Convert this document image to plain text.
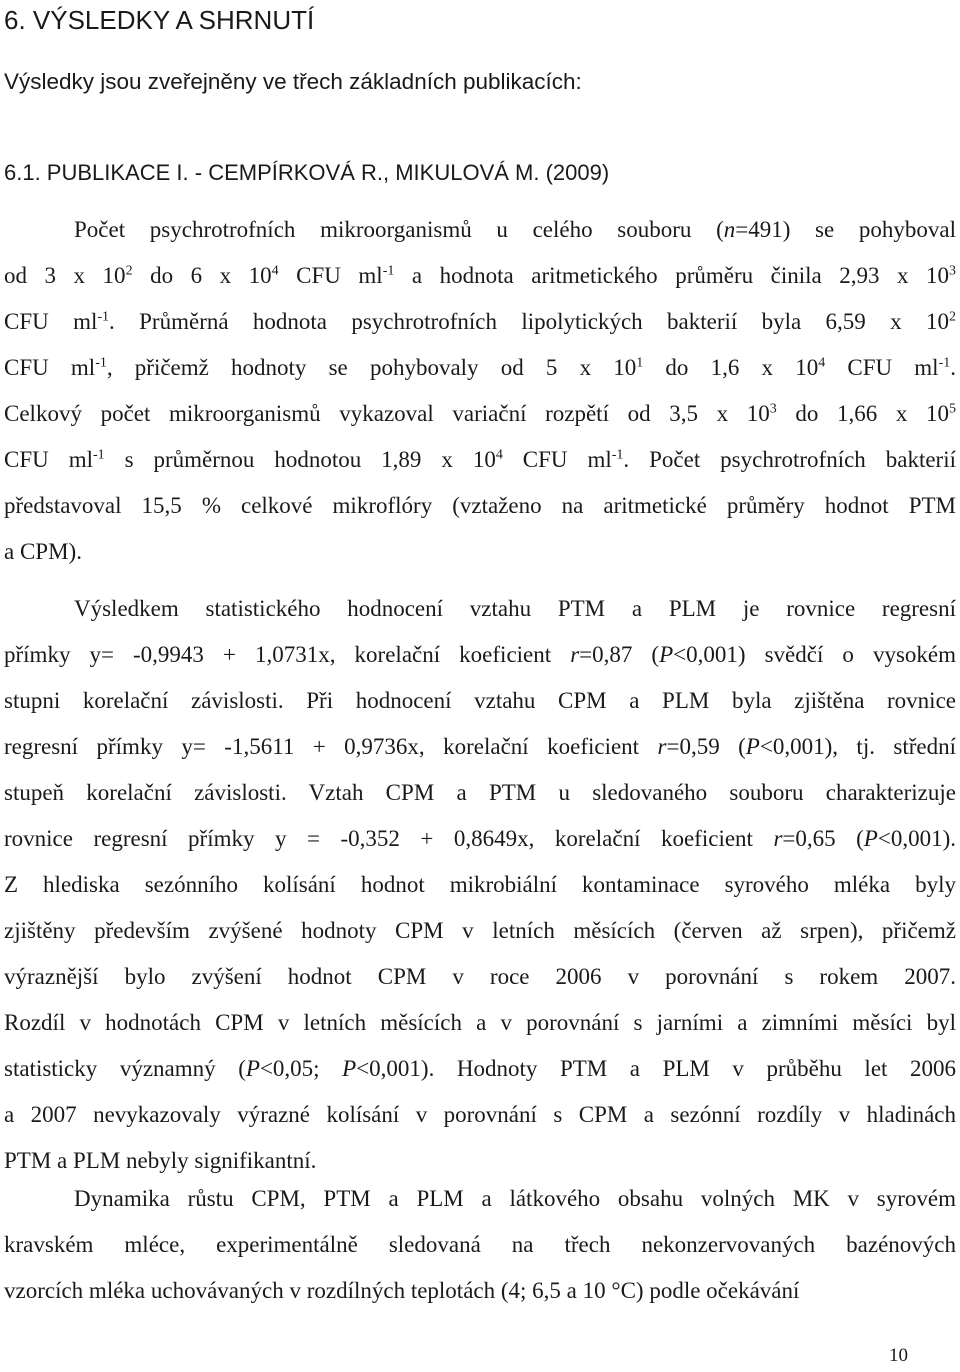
6. VÝSLEDKY A SHRNUTÍ
Výsledky jsou zveřejněny ve třech základních publikacích:
6.1. PUBLIKACE I. - CEMPÍRKOVÁ R., MIKULOVÁ M. (2009)
Počet psychrotrofních mikroorganismů u celého souboru (n=491) se pohyboval
od 3 x $10^2$ do 6 x $10^4$ CFU $ml^{-1}$ a hodnota aritmetického průměru činila 2,93 x $10^3$
CFU $ml^{-1}$. Průměrná hodnota psychrotrofních lipolytických bakterií byla 6,59 x $10^2$
CFU $ml^{-1}$, přičemž hodnoty se pohybovaly od 5 x $10^1$ do 1,6 x $10^4$ CFU $ml^{-1}$.
Celkový počet mikroorganismů vykazoval variační rozpětí od 3,5 x $10^3$ do 1,66 x $10^5$
CFU $ml^{-1}$ s průměrnou hodnotou 1,89 x $10^4$ CFU $ml^{-1}$. Počet psychrotrofních bakterií
představoval 15,5 % celkové mikroflóry (vztaženo na aritmetické průměry hodnot PTM
a CPM).
Výsledkem statistického hodnocení vztahu PTM a PLM je rovnice regresní
přímky y= -0,9943 + 1,0731x, korelační koeficient r=0,87 (P<0,001) svědčí o vysokém
stupni korelační závislosti. Při hodnocení vztahu CPM a PLM byla zjištěna rovnice
regresní přímky y= -1,5611 + 0,9736x, korelační koeficient r=0,59 (P<0,001), tj. střední
stupeň korelační závislosti. Vztah CPM a PTM u sledovaného souboru charakterizuje
rovnice regresní přímky y = -0,352 + 0,8649x, korelační koeficient r=0,65 (P<0,001).
Z hlediska sezónního kolísání hodnot mikrobiální kontaminace syrového mléka byly
zjištěny především zvýšené hodnoty CPM v letních měsících (červen až srpen), přičemž
výraznější bylo zvýšení hodnot CPM v roce 2006 v porovnání s rokem 2007.
Rozdíl v hodnotách CPM v letních měsících a v porovnání s jarními a zimními měsíci byl
statisticky významný (P<0,05; P<0,001). Hodnoty PTM a PLM v průběhu let 2006
a 2007 nevykazovaly výrazné kolísání v porovnání s CPM a sezónní rozdíly v hladinách
PTM a PLM nebyly signifikantní.
Dynamika růstu CPM, PTM a PLM a látkového obsahu volných MK v syrovém
kravském mléce, experimentálně sledovaná na třech nekonzervovaných bazénových
vzorcích mléka uchovávaných v rozdílných teplotách (4; 6,5 a 10 °C) podle očekávání
10
